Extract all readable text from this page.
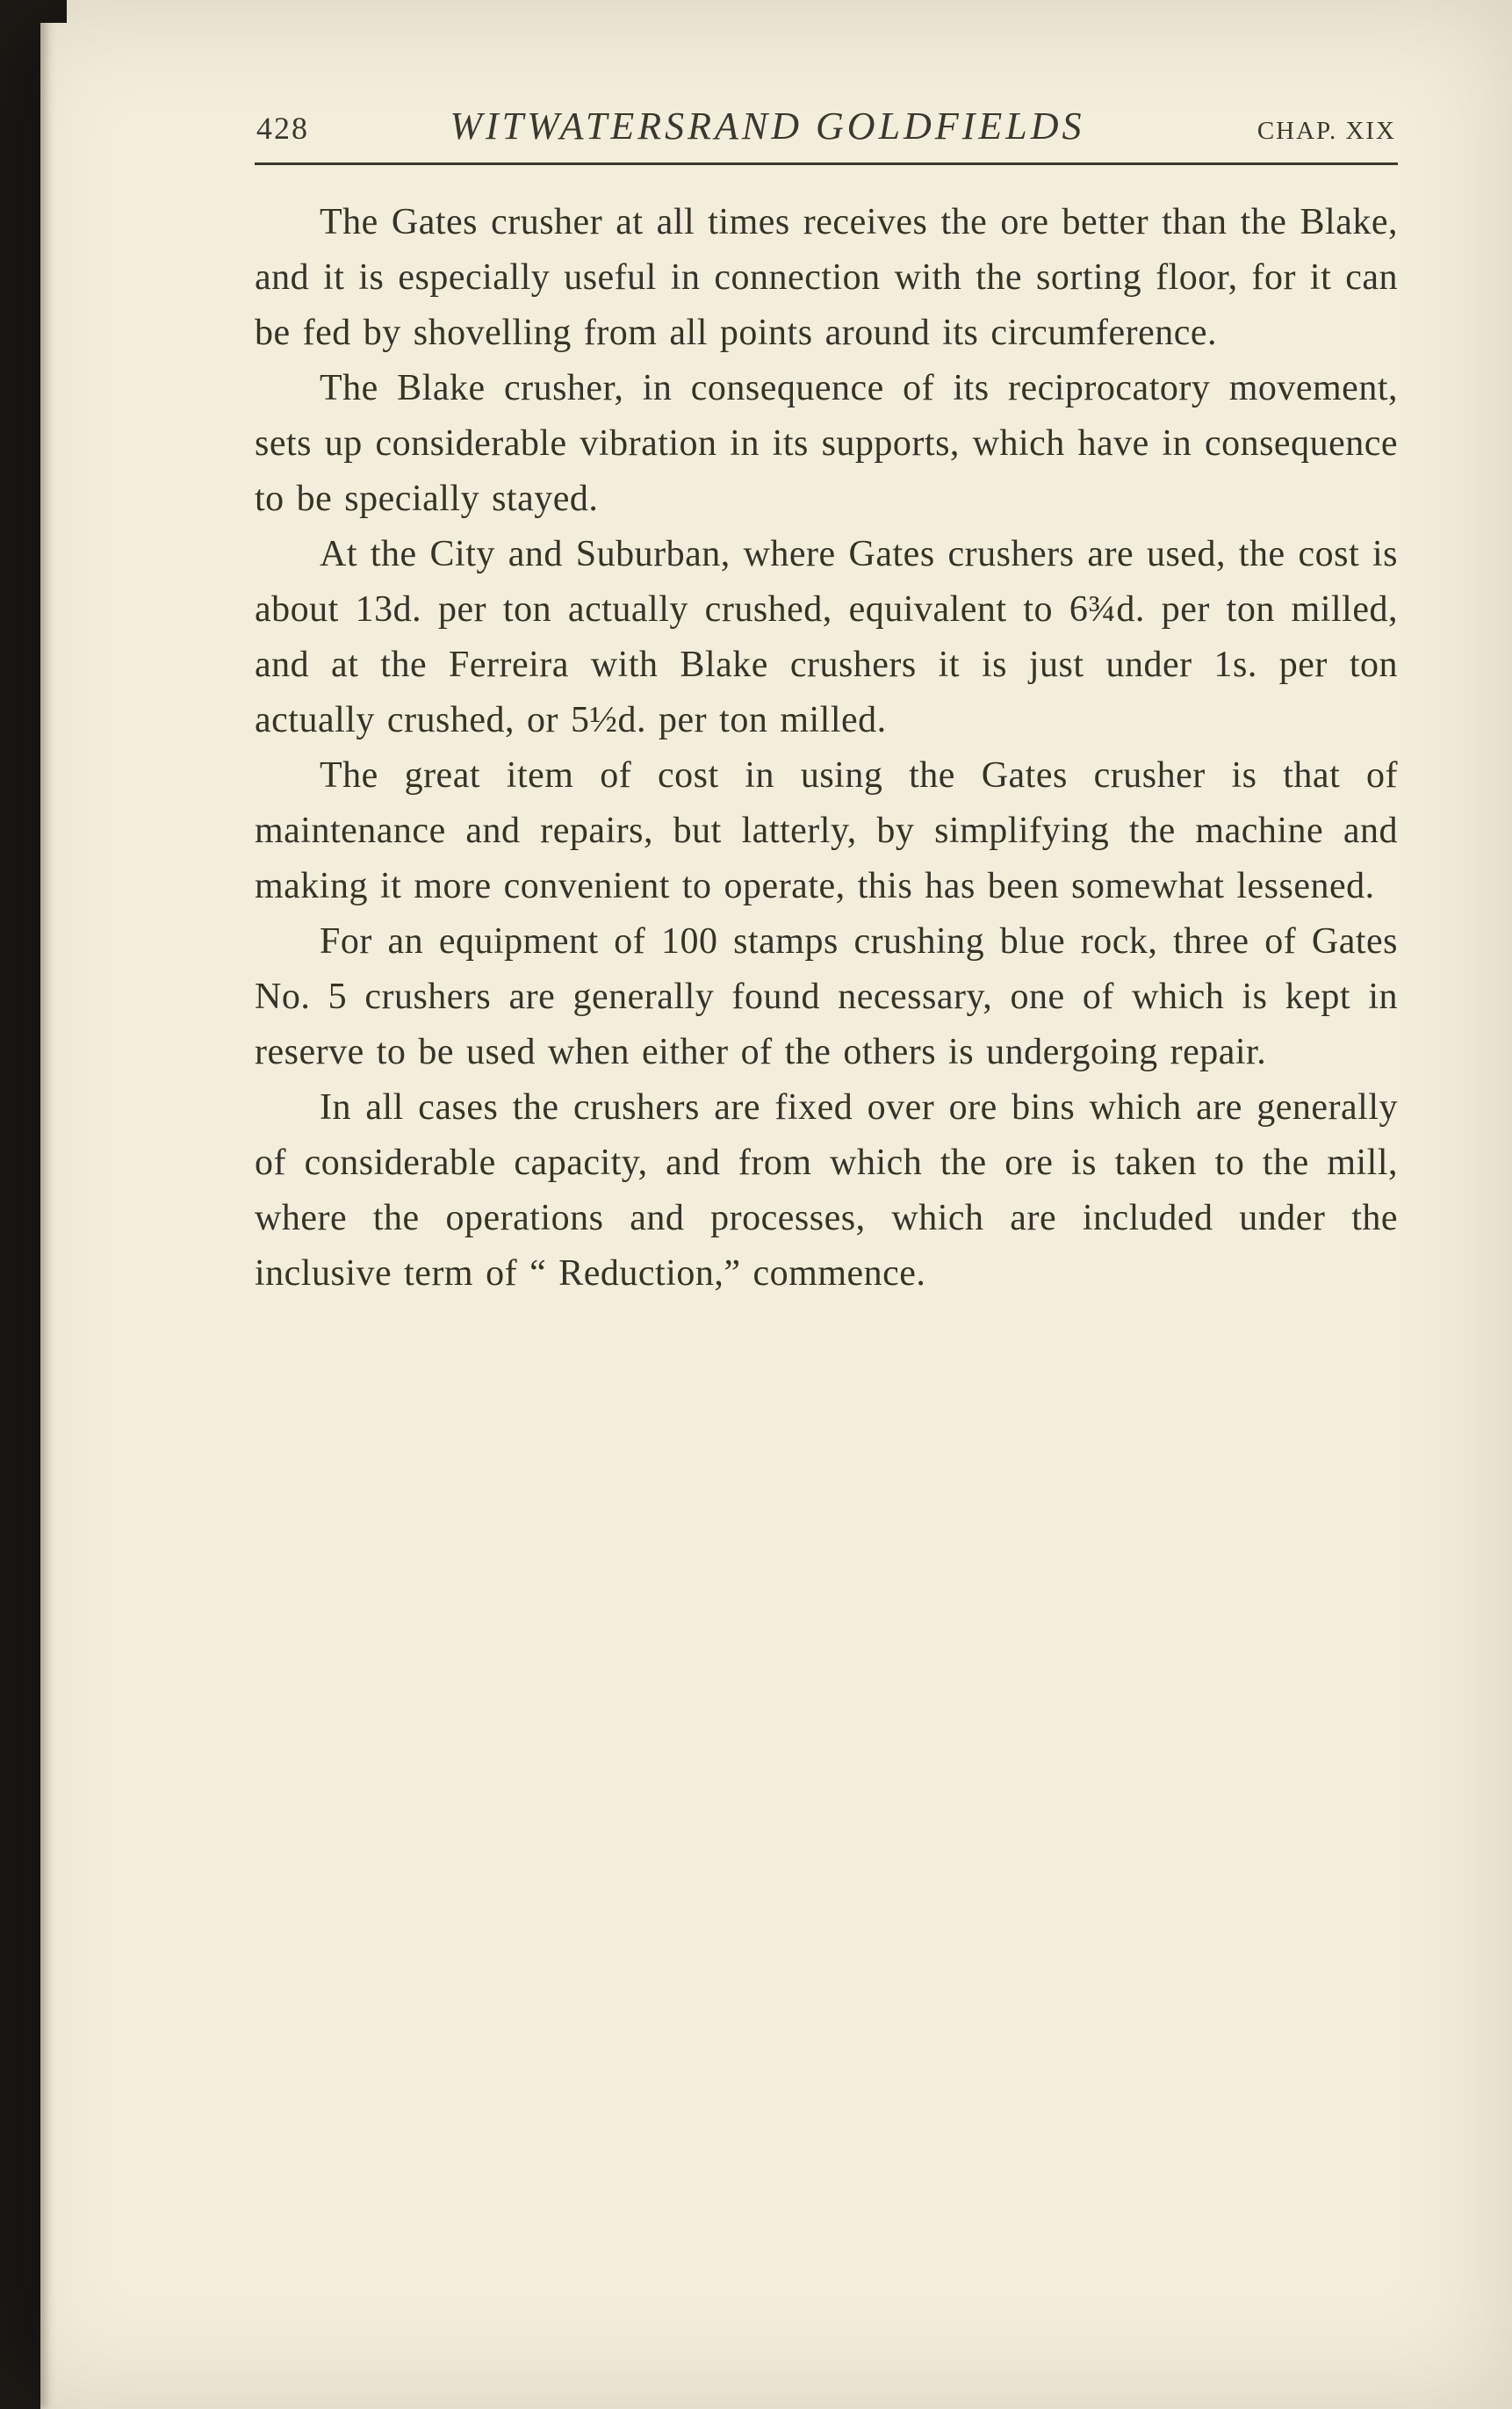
428	WITWATERSRAND GOLDFIELDS	CHAP. XIX

The Gates crusher at all times receives the ore better than the Blake, and it is especially useful in connection with the sorting floor, for it can be fed by shovelling from all points around its circumference.

The Blake crusher, in consequence of its reciprocatory movement, sets up considerable vibration in its supports, which have in consequence to be specially stayed.

At the City and Suburban, where Gates crushers are used, the cost is about 13d. per ton actually crushed, equivalent to 6¾d. per ton milled, and at the Ferreira with Blake crushers it is just under 1s. per ton actually crushed, or 5½d. per ton milled.

The great item of cost in using the Gates crusher is that of maintenance and repairs, but latterly, by simplifying the machine and making it more convenient to operate, this has been somewhat lessened.

For an equipment of 100 stamps crushing blue rock, three of Gates No. 5 crushers are generally found necessary, one of which is kept in reserve to be used when either of the others is undergoing repair.

In all cases the crushers are fixed over ore bins which are generally of considerable capacity, and from which the ore is taken to the mill, where the operations and processes, which are included under the inclusive term of “ Reduction,” commence.
